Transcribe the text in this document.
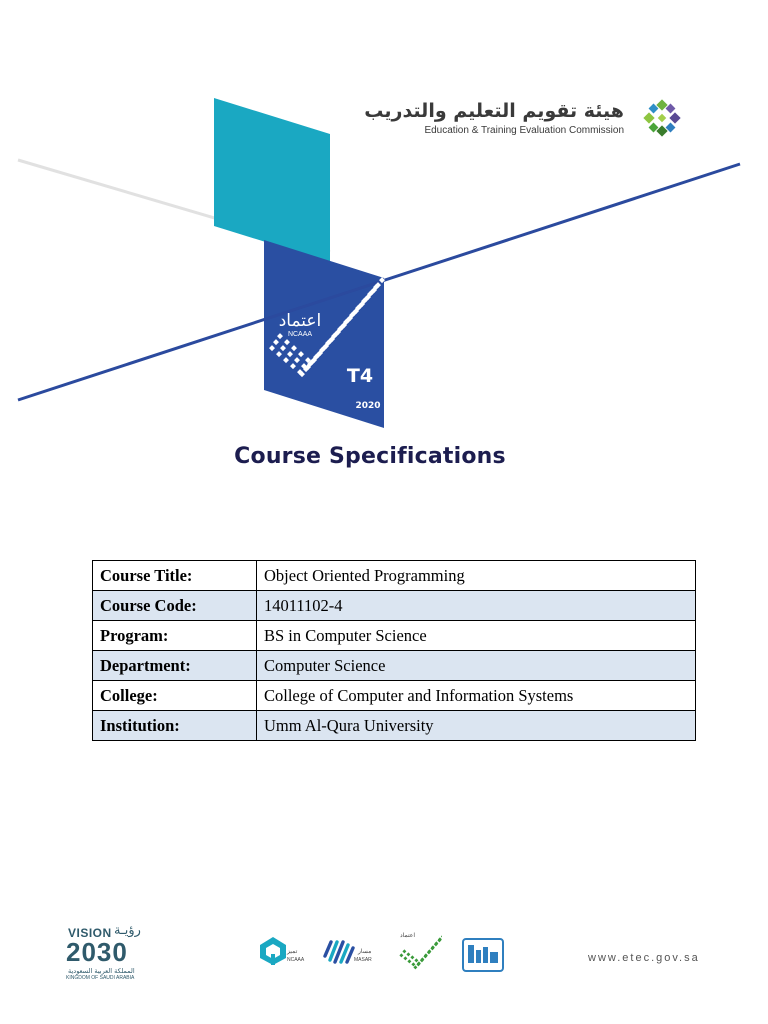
اعتماد
NCAAA
T4
2020
هيئة تقويم التعليم والتدريب
Education & Training Evaluation Commission
Course Specifications
Course Title:	Object Oriented Programming
Course Code:	14011102-4
Program:	BS in Computer Science
Department:	Computer Science
College:	College of Computer and Information Systems
Institution:	Umm Al-Qura University
VISION رؤيـة
2030
المملكة العربية السعودية
KINGDOM OF SAUDI ARABIA
تميز
NCAAA
مسار
MASAR
اعتماد
www.etec.gov.sa
